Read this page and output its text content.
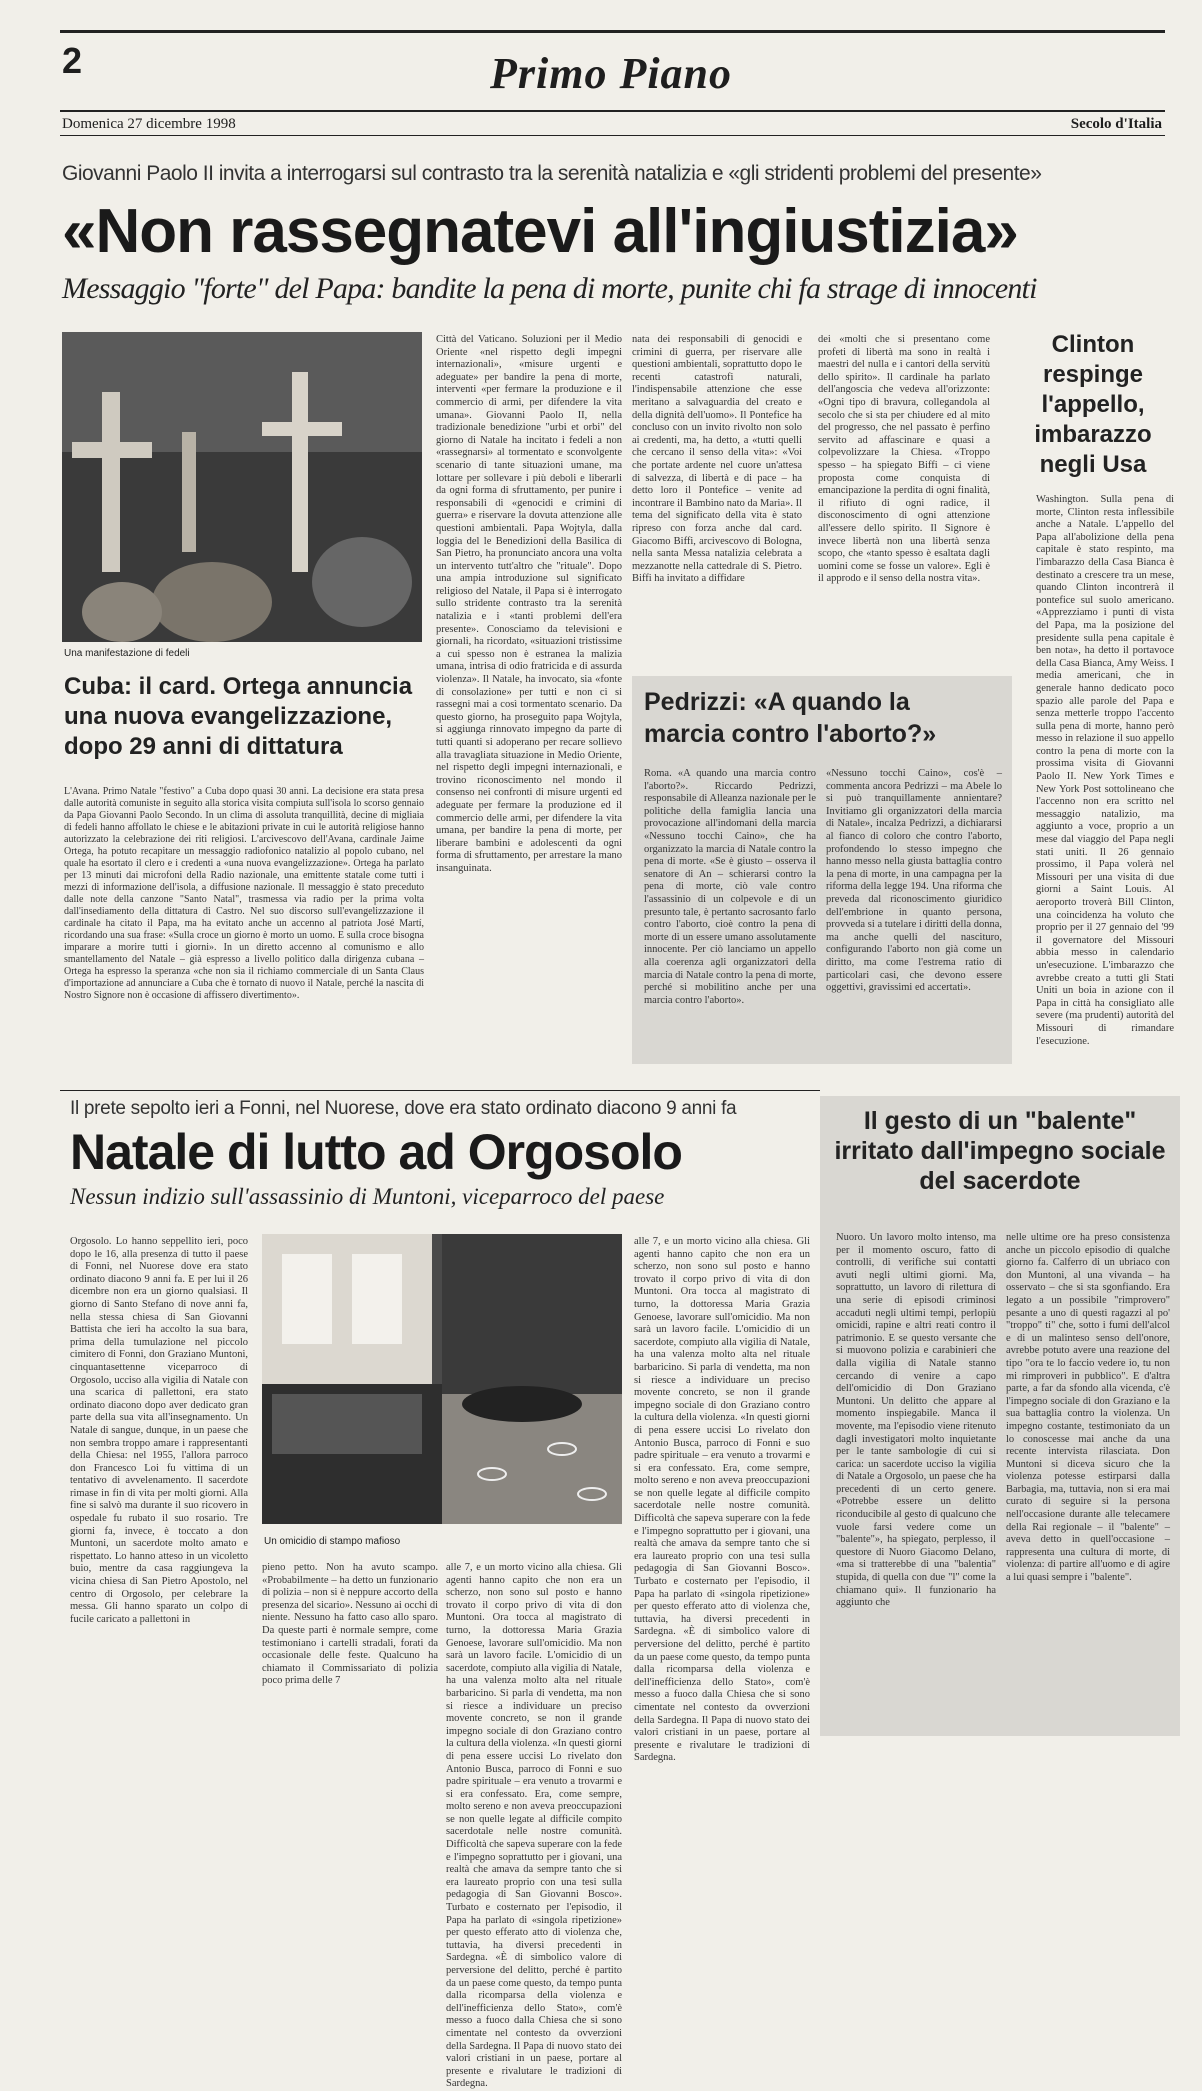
2	Primo Piano
Domenica 27 dicembre 1998	Secolo d'Italia
Giovanni Paolo II invita a interrogarsi sul contrasto tra la serenità natalizia e «gli stridenti problemi del presente»
«Non rassegnatevi all'ingiustizia»
Messaggio "forte" del Papa: bandite la pena di morte, punite chi fa strage di innocenti
Una manifestazione di fedeli
Città del Vaticano. Soluzioni per il Medio Oriente «nel rispetto degli impegni internazionali», «misure urgenti e adeguate» per bandire la pena di morte, interventi «per fermare la produzione e il commercio di armi, per difendere la vita umana». Giovanni Paolo II, nella tradizionale benedizione "urbi et orbi" del giorno di Natale ha incitato i fedeli a non «rassegnarsi» al tormentato e sconvolgente scenario di tante situazioni umane, ma lottare per sollevare i più deboli e liberarli da ogni forma di sfruttamento, per punire i responsabili di «genocidi e crimini di guerra» e riservare la dovuta attenzione alle questioni ambientali. Papa Wojtyla, dalla loggia del le Benedizioni della Basilica di San Pietro, ha pronunciato ancora una volta un intervento tutt'altro che "rituale". Dopo una ampia introduzione sul significato religioso del Natale, il Papa si è interrogato sullo stridente contrasto tra la serenità natalizia e i «tanti problemi dell'era presente». Conosciamo da televisioni e giornali, ha ricordato, «situazioni tristissime a cui spesso non è estranea la malizia umana, intrisa di odio fratricida e di assurda violenza». Il Natale, ha invocato, sia «fonte di consolazione» per tutti e non ci si rassegni mai a così tormentato scenario. Da questo giorno, ha proseguito papa Wojtyla, si aggiunga rinnovato impegno da parte di tutti quanti si adoperano per recare sollievo alla travagliata situazione in Medio Oriente, nel rispetto degli impegni internazionali, e trovino riconoscimento nel mondo il consenso nei confronti di misure urgenti ed adeguate per fermare la produzione ed il commercio delle armi, per difendere la vita umana, per bandire la pena di morte, per liberare bambini e adolescenti da ogni forma di sfruttamento, per arrestare la mano insanguinata.
nata dei responsabili di genocidi e crimini di guerra, per riservare alle questioni ambientali, soprattutto dopo le recenti catastrofi naturali, l'indispensabile attenzione che esse meritano a salvaguardia del creato e della dignità dell'uomo». Il Pontefice ha concluso con un invito rivolto non solo ai credenti, ma, ha detto, a «tutti quelli che cercano il senso della vita»: «Voi che portate ardente nel cuore un'attesa di salvezza, di libertà e di pace – ha detto loro il Pontefice – venite ad incontrare il Bambino nato da Maria». Il tema del significato della vita è stato ripreso con forza anche dal card. Giacomo Biffi, arcivescovo di Bologna, nella santa Messa natalizia celebrata a mezzanotte nella cattedrale di S. Pietro. Biffi ha invitato a diffidare
dei «molti che si presentano come profeti di libertà ma sono in realtà i maestri del nulla e i cantori della servitù dello spirito». Il cardinale ha parlato dell'angoscia che vedeva all'orizzonte: «Ogni tipo di bravura, collegandola al secolo che si sta per chiudere ed al mito del progresso, che nel passato è perfino servito ad affascinare e quasi a colpevolizzare la Chiesa. «Troppo spesso – ha spiegato Biffi – ci viene proposta come conquista di emancipazione la perdita di ogni finalità, il rifiuto di ogni radice, il disconoscimento di ogni attenzione all'essere dello spirito. Il Signore è invece libertà non una libertà senza scopo, che «tanto spesso è esaltata dagli uomini come se fosse un valore». Egli è il approdo e il senso della nostra vita».
Clinton respinge l'appello, imbarazzo negli Usa
Washington. Sulla pena di morte, Clinton resta inflessibile anche a Natale. L'appello del Papa all'abolizione della pena capitale è stato respinto, ma l'imbarazzo della Casa Bianca è destinato a crescere tra un mese, quando Clinton incontrerà il pontefice sul suolo americano. «Apprezziamo i punti di vista del Papa, ma la posizione del presidente sulla pena capitale è ben nota», ha detto il portavoce della Casa Bianca, Amy Weiss. I media americani, che in generale hanno dedicato poco spazio alle parole del Papa e senza metterle troppo l'accento sulla pena di morte, hanno però messo in relazione il suo appello contro la pena di morte con la prossima visita di Giovanni Paolo II. New York Times e New York Post sottolineano che l'accenno non era scritto nel messaggio natalizio, ma aggiunto a voce, proprio a un mese dal viaggio del Papa negli stati uniti. Il 26 gennaio prossimo, il Papa volerà nel Missouri per una visita di due giorni a Saint Louis. Al aeroporto troverà Bill Clinton, una coincidenza ha voluto che proprio per il 27 gennaio del '99 il governatore del Missouri abbia messo in calendario un'esecuzione. L'imbarazzo che avrebbe creato a tutti gli Stati Uniti un boia in azione con il Papa in città ha consigliato alle severe (ma prudenti) autorità del Missouri di rimandare l'esecuzione.
Cuba: il card. Ortega annuncia una nuova evangelizzazione, dopo 29 anni di dittatura
L'Avana. Primo Natale "festivo" a Cuba dopo quasi 30 anni. La decisione era stata presa dalle autorità comuniste in seguito alla storica visita compiuta sull'isola lo scorso gennaio da Papa Giovanni Paolo Secondo. In un clima di assoluta tranquillità, decine di migliaia di fedeli hanno affollato le chiese e le abitazioni private in cui le autorità religiose hanno autorizzato la celebrazione dei riti religiosi. L'arcivescovo dell'Avana, cardinale Jaime Ortega, ha potuto recapitare un messaggio radiofonico natalizio al popolo cubano, nel quale ha esortato il clero e i credenti a «una nuova evangelizzazione». Ortega ha parlato per 13 minuti dai microfoni della Radio nazionale, una emittente statale come tutti i mezzi di informazione dell'isola, a diffusione nazionale. Il messaggio è stato preceduto dalle note della canzone "Santo Natal", trasmessa via radio per la prima volta dall'insediamento della dittatura di Castro. Nel suo discorso sull'evangelizzazione il cardinale ha citato il Papa, ma ha evitato anche un accenno al patriota José Martí, ricordando una sua frase: «Sulla croce un giorno è morto un uomo. E sulla croce bisogna imparare a morire tutti i giorni». In un diretto accenno al comunismo e allo smantellamento del Natale – già espresso a livello politico dalla dirigenza cubana – Ortega ha espresso la speranza «che non sia il richiamo commerciale di un Santa Claus d'importazione ad annunciare a Cuba che è tornato di nuovo il Natale, perché la nascita di Nostro Signore non è occasione di affissero divertimento».
Pedrizzi: «A quando la marcia contro l'aborto?»
Roma. «A quando una marcia contro l'aborto?». Riccardo Pedrizzi, responsabile di Alleanza nazionale per le politiche della famiglia lancia una provocazione all'indomani della marcia «Nessuno tocchi Caino», che ha organizzato la marcia di Natale contro la pena di morte. «Se è giusto – osserva il senatore di An – schierarsi contro la pena di morte, ciò vale contro l'assassinio di un colpevole e di un presunto tale, è pertanto sacrosanto farlo contro l'aborto, cioè contro la pena di morte di un essere umano assolutamente innocente. Per ciò lanciamo un appello alla coerenza agli organizzatori della marcia di Natale contro la pena di morte, perché si mobilitino anche per una marcia contro l'aborto».
«Nessuno tocchi Caino», cos'è – commenta ancora Pedrizzi – ma Abele lo si può tranquillamente annientare? Invitiamo gli organizzatori della marcia di Natale», incalza Pedrizzi, a dichiararsi al fianco di coloro che contro l'aborto, profondendo lo stesso impegno che hanno messo nella giusta battaglia contro la pena di morte, in una campagna per la riforma della legge 194. Una riforma che preveda dal riconoscimento giuridico dell'embrione in quanto persona, provveda si a tutelare i diritti della donna, ma anche quelli del nascituro, configurando l'aborto non già come un diritto, ma come l'estrema ratio di particolari casi, che devono essere oggettivi, gravissimi ed accertati».
Il prete sepolto ieri a Fonni, nel Nuorese, dove era stato ordinato diacono 9 anni fa
Natale di lutto ad Orgosolo
Nessun indizio sull'assassinio di Muntoni, viceparroco del paese
Orgosolo. Lo hanno seppellito ieri, poco dopo le 16, alla presenza di tutto il paese di Fonni, nel Nuorese dove era stato ordinato diacono 9 anni fa. E per lui il 26 dicembre non era un giorno qualsiasi. Il giorno di Santo Stefano di nove anni fa, nella stessa chiesa di San Giovanni Battista che ieri ha accolto la sua bara, prima della tumulazione nel piccolo cimitero di Fonni, don Graziano Muntoni, cinquantasettenne viceparroco di Orgosolo, ucciso alla vigilia di Natale con una scarica di pallettoni, era stato ordinato diacono dopo aver dedicato gran parte della sua vita all'insegnamento. Un Natale di sangue, dunque, in un paese che non sembra troppo amare i rappresentanti della Chiesa: nel 1955, l'allora parroco don Francesco Loi fu vittima di un tentativo di avvelenamento. Il sacerdote rimase in fin di vita per molti giorni. Alla fine si salvò ma durante il suo ricovero in ospedale fu rubato il suo rosario. Tre giorni fa, invece, è toccato a don Muntoni, un sacerdote molto amato e rispettato. Lo hanno atteso in un vicoletto buio, mentre da casa raggiungeva la vicina chiesa di San Pietro Apostolo, nel centro di Orgosolo, per celebrare la messa. Gli hanno sparato un colpo di fucile caricato a pallettoni in
Un omicidio di stampo mafioso
pieno petto. Non ha avuto scampo. «Probabilmente – ha detto un funzionario di polizia – non si è neppure accorto della presenza del sicario». Nessuno ai occhi di niente. Nessuno ha fatto caso allo sparo. Da queste parti è normale sempre, come testimoniano i cartelli stradali, forati da occasionale delle feste. Qualcuno ha chiamato il Commissariato di polizia poco prima delle 7
alle 7, e un morto vicino alla chiesa. Gli agenti hanno capito che non era un scherzo, non sono sul posto e hanno trovato il corpo privo di vita di don Muntoni. Ora tocca al magistrato di turno, la dottoressa Maria Grazia Genoese, lavorare sull'omicidio. Ma non sarà un lavoro facile. L'omicidio di un sacerdote, compiuto alla vigilia di Natale, ha una valenza molto alta nel rituale barbaricino. Si parla di vendetta, ma non si riesce a individuare un preciso movente concreto, se non il grande impegno sociale di don Graziano contro la cultura della violenza. «In questi giorni di pena essere uccisi Lo rivelato don Antonio Busca, parroco di Fonni e suo padre spirituale – era venuto a trovarmi e si era confessato. Era, come sempre, molto sereno e non aveva preoccupazioni se non quelle legate al difficile compito sacerdotale nelle nostre comunità. Difficoltà che sapeva superare con la fede e l'impegno soprattutto per i giovani, una realtà che amava da sempre tanto che si era laureato proprio con una tesi sulla pedagogia di San Giovanni Bosco». Turbato e costernato per l'episodio, il Papa ha parlato di «singola ripetizione» per questo efferato atto di violenza che, tuttavia, ha diversi precedenti in Sardegna. «È di simbolico valore di perversione del delitto, perché è partito da un paese come questo, da tempo punta dalla ricomparsa della violenza e dell'inefficienza dello Stato», com'è messo a fuoco dalla Chiesa che si sono cimentate nel contesto da ovverzioni della Sardegna. Il Papa di nuovo stato dei valori cristiani in un paese, portare al presente e rivalutare le tradizioni di Sardegna.
alle 7, e un morto vicino alla chiesa. Gli agenti hanno capito che non era un scherzo, non sono sul posto e hanno trovato il corpo privo di vita di don Muntoni. Ora tocca al magistrato di turno, la dottoressa Maria Grazia Genoese, lavorare sull'omicidio. Ma non sarà un lavoro facile. L'omicidio di un sacerdote, compiuto alla vigilia di Natale, ha una valenza molto alta nel rituale barbaricino. Si parla di vendetta, ma non si riesce a individuare un preciso movente concreto, se non il grande impegno sociale di don Graziano contro la cultura della violenza. «In questi giorni di pena essere uccisi Lo rivelato don Antonio Busca, parroco di Fonni e suo padre spirituale – era venuto a trovarmi e si era confessato. Era, come sempre, molto sereno e non aveva preoccupazioni se non quelle legate al difficile compito sacerdotale nelle nostre comunità. Difficoltà che sapeva superare con la fede e l'impegno soprattutto per i giovani, una realtà che amava da sempre tanto che si era laureato proprio con una tesi sulla pedagogia di San Giovanni Bosco». Turbato e costernato per l'episodio, il Papa ha parlato di «singola ripetizione» per questo efferato atto di violenza che, tuttavia, ha diversi precedenti in Sardegna. «È di simbolico valore di perversione del delitto, perché è partito da un paese come questo, da tempo punta dalla ricomparsa della violenza e dell'inefficienza dello Stato», com'è messo a fuoco dalla Chiesa che si sono cimentate nel contesto da ovverzioni della Sardegna. Il Papa di nuovo stato dei valori cristiani in un paese, portare al presente e rivalutare le tradizioni di Sardegna.
Il gesto di un "balente" irritato dall'impegno sociale del sacerdote
Nuoro. Un lavoro molto intenso, ma per il momento oscuro, fatto di controlli, di verifiche sui contatti avuti negli ultimi giorni. Ma, soprattutto, un lavoro di rilettura di una serie di episodi criminosi accaduti negli ultimi tempi, perlopiù omicidi, rapine e altri reati contro il patrimonio. E se questo versante che si muovono polizia e carabinieri che dalla vigilia di Natale stanno cercando di venire a capo dell'omicidio di Don Graziano Muntoni. Un delitto che appare al momento inspiegabile. Manca il movente, ma l'episodio viene ritenuto dagli investigatori molto inquietante per le tante sambologie di cui si carica: un sacerdote ucciso la vigilia di Natale a Orgosolo, un paese che ha precedenti di un certo genere. «Potrebbe essere un delitto riconducibile al gesto di qualcuno che vuole farsi vedere come un "balente"», ha spiegato, perplesso, il questore di Nuoro Giacomo Delano, «ma si tratterebbe di una "balentia" stupida, di quella con due "l" come la chiamano qui». Il funzionario ha aggiunto che
nelle ultime ore ha preso consistenza anche un piccolo episodio di qualche giorno fa. Calferro di un ubriaco con don Muntoni, al una vivanda – ha osservato – che si sta sgonfiando. Era legato a un possibile "rimprovero" pesante a uno di questi ragazzi al po' "troppo" ti" che, sotto i fumi dell'alcol e di un malinteso senso dell'onore, avrebbe potuto avere una reazione del tipo "ora te lo faccio vedere io, tu non mi rimproveri in pubblico". E d'altra parte, a far da sfondo alla vicenda, c'è l'impegno sociale di don Graziano e la sua battaglia contro la violenza. Un impegno costante, testimoniato da un lo conoscesse mai anche da una recente intervista rilasciata. Don Muntoni si diceva sicuro che la violenza potesse estirparsi dalla Barbagia, ma, tuttavia, non si era mai curato di seguire si la persona nell'occasione durante alle telecamere della Rai regionale – il "balente" – aveva detto in quell'occasione – rappresenta una cultura di morte, di violenza: di partire all'uomo e di agire a lui quasi sempre i "balente".
